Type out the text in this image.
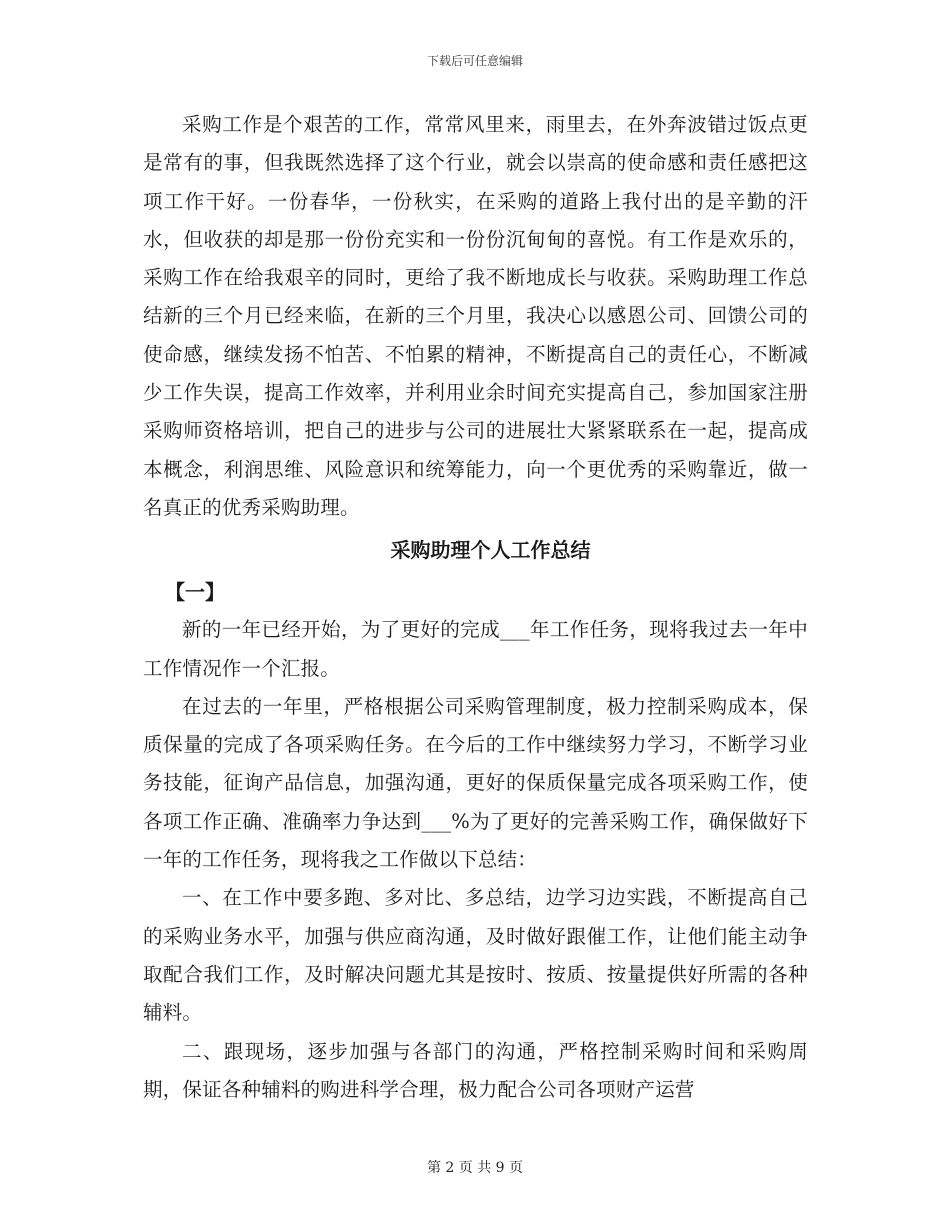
下载后可任意编辑

采购工作是个艰苦的工作，常常风里来，雨里去，在外奔波错过饭点更是常有的事，但我既然选择了这个行业，就会以崇高的使命感和责任感把这项工作干好。一份春华，一份秋实，在采购的道路上我付出的是辛勤的汗水，但收获的却是那一份份充实和一份份沉甸甸的喜悦。有工作是欢乐的，采购工作在给我艰辛的同时，更给了我不断地成长与收获。采购助理工作总结新的三个月已经来临，在新的三个月里，我决心以感恩公司、回馈公司的使命感，继续发扬不怕苦、不怕累的精神，不断提高自己的责任心，不断减少工作失误，提高工作效率，并利用业余时间充实提高自己，参加国家注册采购师资格培训，把自己的进步与公司的进展壮大紧紧联系在一起，提高成本概念，利润思维、风险意识和统筹能力，向一个更优秀的采购靠近，做一名真正的优秀采购助理。

采购助理个人工作总结
【一】

新的一年已经开始，为了更好的完成___年工作任务，现将我过去一年中工作情况作一个汇报。

在过去的一年里，严格根据公司采购管理制度，极力控制采购成本，保质保量的完成了各项采购任务。在今后的工作中继续努力学习，不断学习业务技能，征询产品信息，加强沟通，更好的保质保量完成各项采购工作，使各项工作正确、准确率力争达到___%为了更好的完善采购工作，确保做好下一年的工作任务，现将我之工作做以下总结：

一、在工作中要多跑、多对比、多总结，边学习边实践，不断提高自己的采购业务水平，加强与供应商沟通，及时做好跟催工作，让他们能主动争取配合我们工作，及时解决问题尤其是按时、按质、按量提供好所需的各种辅料。

二、跟现场，逐步加强与各部门的沟通，严格控制采购时间和采购周期，保证各种辅料的购进科学合理，极力配合公司各项财产运营

第 2 页 共 9 页
